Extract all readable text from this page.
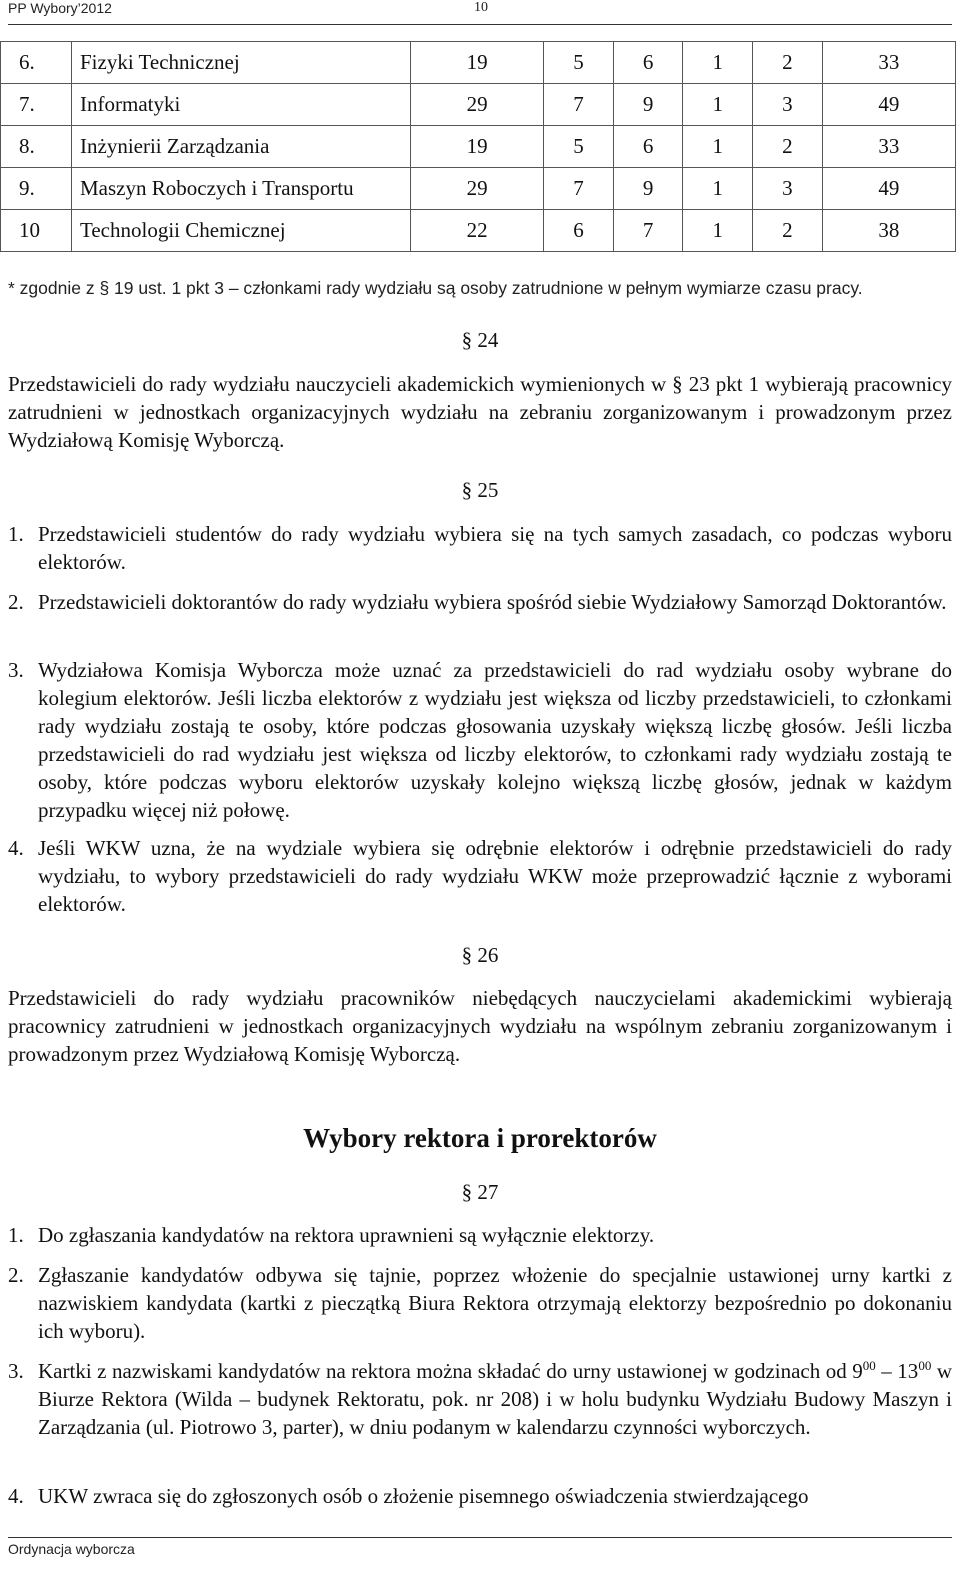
PP Wybory’2012	10
6.	Fizyki Technicznej	19	5	6	1	2	33
7.	Informatyki	29	7	9	1	3	49
8.	Inżynierii Zarządzania	19	5	6	1	2	33
9.	Maszyn Roboczych i Transportu	29	7	9	1	3	49
10	Technologii Chemicznej	22	6	7	1	2	38
* zgodnie z § 19 ust. 1 pkt 3 – członkami rady wydziału są osoby zatrudnione w pełnym wymiarze czasu pracy.
§ 24
Przedstawicieli do rady wydziału nauczycieli akademickich wymienionych w § 23 pkt 1 wybierają pracownicy zatrudnieni w jednostkach organizacyjnych wydziału na zebraniu zorganizowanym i prowadzonym przez Wydziałową Komisję Wyborczą.
§ 25
1. Przedstawicieli studentów do rady wydziału wybiera się na tych samych zasadach, co podczas wyboru elektorów.
2. Przedstawicieli doktorantów do rady wydziału wybiera spośród siebie Wydziałowy Samorząd Doktorantów.
3. Wydziałowa Komisja Wyborcza może uznać za przedstawicieli do rad wydziału osoby wybrane do kolegium elektorów. Jeśli liczba elektorów z wydziału jest większa od liczby przedstawicieli, to członkami rady wydziału zostają te osoby, które podczas głosowania uzyskały większą liczbę głosów. Jeśli liczba przedstawicieli do rad wydziału jest większa od liczby elektorów, to członkami rady wydziału zostają te osoby, które podczas wyboru elektorów uzyskały kolejno większą liczbę głosów, jednak w każdym przypadku więcej niż połowę.
4. Jeśli WKW uzna, że na wydziale wybiera się odrębnie elektorów i odrębnie przedstawicieli do rady wydziału, to wybory przedstawicieli do rady wydziału WKW może przeprowadzić łącznie z wyborami elektorów.
§ 26
Przedstawicieli do rady wydziału pracowników niebędących nauczycielami akademickimi wybierają pracownicy zatrudnieni w jednostkach organizacyjnych wydziału na wspólnym zebraniu zorganizowanym i prowadzonym przez Wydziałową Komisję Wyborczą.
Wybory rektora i prorektorów
§ 27
1. Do zgłaszania kandydatów na rektora uprawnieni są wyłącznie elektorzy.
2. Zgłaszanie kandydatów odbywa się tajnie, poprzez włożenie do specjalnie ustawionej urny kartki z nazwiskiem kandydata (kartki z pieczątką Biura Rektora otrzymają elektorzy bezpośrednio po dokonaniu ich wyboru).
3. Kartki z nazwiskami kandydatów na rektora można składać do urny ustawionej w godzinach od $9^{00} - 13^{00}$ w Biurze Rektora (Wilda – budynek Rektoratu, pok. nr 208) i w holu budynku Wydziału Budowy Maszyn i Zarządzania (ul. Piotrowo 3, parter), w dniu podanym w kalendarzu czynności wyborczych.
4. UKW zwraca się do zgłoszonych osób o złożenie pisemnego oświadczenia stwierdzającego
Ordynacja wyborcza
